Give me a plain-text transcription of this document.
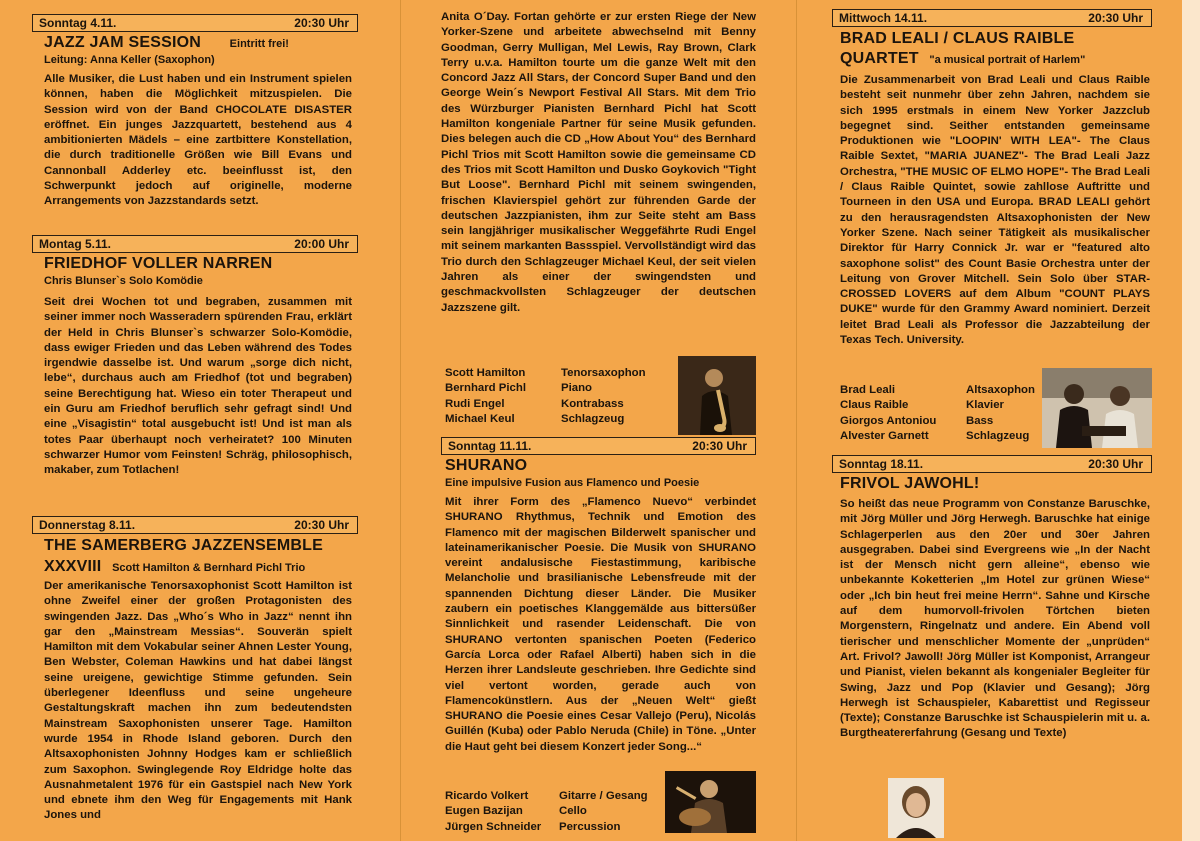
Sonntag 4.11.	20:30 Uhr
JAZZ JAM SESSION	Eintritt frei!
Leitung: Anna Keller (Saxophon)
Alle Musiker, die Lust haben und ein Instrument spielen können, haben die Möglichkeit mitzuspielen. Die Session wird von der Band CHOCOLATE DISASTER eröffnet. Ein junges Jazzquartett, bestehend aus 4 ambitionierten Mädels – eine zartbittere Konstellation, die durch traditionelle Größen wie Bill Evans und Cannonball Adderley etc. beeinflusst ist, den Schwerpunkt jedoch auf originelle, moderne Arrangements von Jazzstandards setzt.
Montag 5.11.	20:00 Uhr
FRIEDHOF VOLLER NARREN
Chris Blunser`s Solo Komödie
Seit drei Wochen tot und begraben, zusammen mit seiner immer noch Wasseradern spürenden Frau, erklärt der Held in Chris Blunser`s schwarzer Solo-Komödie, dass ewiger Frieden und das Leben während des Todes irgendwie dasselbe ist. Und warum „sorge dich nicht, lebe“, durchaus auch am Friedhof (tot und begraben) seine Berechtigung hat. Wieso ein toter Therapeut und ein Guru am Friedhof beruflich sehr gefragt sind! Und eine „Visagistin“ total ausgebucht ist! Und ist man als totes Paar überhaupt noch verheiratet? 100 Minuten schwarzer Humor vom Feinsten! Schräg, philosophisch, makaber, zum Totlachen!
Donnerstag 8.11.	20:30 Uhr
THE SAMERBERG JAZZENSEMBLE
XXXVIII Scott Hamilton & Bernhard Pichl Trio
Der amerikanische Tenorsaxophonist Scott Hamilton ist ohne Zweifel einer der großen Protagonisten des swingenden Jazz. Das „Who´s Who in Jazz“ nennt ihn gar den „Mainstream Messias“. Souverän spielt Hamilton mit dem Vokabular seiner Ahnen Lester Young, Ben Webster, Coleman Hawkins und hat dabei längst seine ureigene, gewichtige Stimme gefunden. Sein überlegener Ideenfluss und seine ungeheure Gestaltungskraft machen ihn zum bedeutendsten Mainstream Saxophonisten unserer Tage. Hamilton wurde 1954 in Rhode Island geboren. Durch den Altsaxophonisten Johnny Hodges kam er schließlich zum Saxophon. Swinglegende Roy Eldridge holte das Ausnahmetalent 1976 für ein Gastspiel nach New York und ebnete ihm den Weg für Engagements mit Hank Jones und
Anita O´Day. Fortan gehörte er zur ersten Riege der New Yorker-Szene und arbeitete abwechselnd mit Benny Goodman, Gerry Mulligan, Mel Lewis, Ray Brown, Clark Terry u.v.a. Hamilton tourte um die ganze Welt mit den Concord Jazz All Stars, der Concord Super Band und den George Wein´s Newport Festival All Stars. Mit dem Trio des Würzburger Pianisten Bernhard Pichl hat Scott Hamilton kongeniale Partner für seine Musik gefunden. Dies belegen auch die CD „How About You“ des Bernhard Pichl Trios mit Scott Hamilton sowie die gemeinsame CD des Trios mit Scott Hamilton und Dusko Goykovich "Tight But Loose". Bernhard Pichl mit seinem swingenden, frischen Klavierspiel gehört zur führenden Garde der deutschen Jazzpianisten, ihm zur Seite steht am Bass sein langjähriger musikalischer Weggefährte Rudi Engel mit seinem markanten Bassspiel. Vervollständigt wird das Trio durch den Schlagzeuger Michael Keul, der seit vielen Jahren als einer der swingendsten und geschmackvollsten Schlagzeuger der deutschen Jazzszene gilt.
Scott Hamilton	Tenorsaxophon
Bernhard Pichl	Piano
Rudi Engel	Kontrabass
Michael Keul	Schlagzeug
Sonntag 11.11.	20:30 Uhr
SHURANO
Eine impulsive Fusion aus Flamenco und Poesie
Mit ihrer Form des „Flamenco Nuevo“ verbindet SHURANO Rhythmus, Technik und Emotion des Flamenco mit der magischen Bilderwelt spanischer und lateinamerikanischer Poesie. Die Musik von SHURANO vereint andalusische Fiestastimmung, karibische Melancholie und brasilianische Lebensfreude mit der spannenden Dichtung dieser Länder. Die Musiker zaubern ein poetisches Klanggemälde aus bittersüßer Sinnlichkeit und rasender Leidenschaft. Die von SHURANO vertonten spanischen Poeten (Federico García Lorca oder Rafael Alberti) haben sich in die Herzen ihrer Landsleute geschrieben. Ihre Gedichte sind viel vertont worden, gerade auch von Flamencokünstlern. Aus der „Neuen Welt“ gießt SHURANO die Poesie eines Cesar Vallejo (Peru), Nicolás Guillén (Kuba) oder Pablo Neruda (Chile) in Töne. „Unter die Haut geht bei diesem Konzert jeder Song...“
Ricardo Volkert	Gitarre / Gesang
Eugen Bazijan	Cello
Jürgen Schneider	Percussion
Mittwoch 14.11.	20:30 Uhr
BRAD LEALI / CLAUS RAIBLE
QUARTET "a musical portrait of Harlem"
Die Zusammenarbeit von Brad Leali und Claus Raible besteht seit nunmehr über zehn Jahren, nachdem sie sich 1995 erstmals in einem New Yorker Jazzclub begegnet sind. Seither entstanden gemeinsame Produktionen wie "LOOPIN' WITH LEA"- The Claus Raible Sextet, "MARIA JUANEZ"- The Brad Leali Jazz Orchestra, "THE MUSIC OF ELMO HOPE"- The Brad Leali / Claus Raible Quintet, sowie zahllose Auftritte und Tourneen in den USA und Europa. BRAD LEALI gehört zu den herausragendsten Altsaxophonisten der New Yorker Szene. Nach seiner Tätigkeit als musikalischer Direktor für Harry Connick Jr. war er "featured alto saxophone solist" des Count Basie Orchestra unter der Leitung von Grover Mitchell. Sein Solo über STAR-CROSSED LOVERS auf dem Album "COUNT PLAYS DUKE" wurde für den Grammy Award nominiert. Derzeit leitet Brad Leali als Professor die Jazzabteilung der Texas Tech. University.
Brad Leali	Altsaxophon
Claus Raible	Klavier
Giorgos Antoniou	Bass
Alvester Garnett	Schlagzeug
Sonntag 18.11.	20:30 Uhr
FRIVOL JAWOHL!
So heißt das neue Programm von Constanze Baruschke, mit Jörg Müller und Jörg Herwegh. Baruschke hat einige Schlagerperlen aus den 20er und 30er Jahren ausgegraben. Dabei sind Evergreens wie „In der Nacht ist der Mensch nicht gern alleine“, ebenso wie unbekannte Koketterien „Im Hotel zur grünen Wiese“ oder „Ich bin heut frei meine Herrn“. Sahne und Kirsche auf dem humorvoll-frivolen Törtchen bieten Morgenstern, Ringelnatz und andere. Ein Abend voll tierischer und menschlicher Momente der „unprüden“ Art. Frivol? Jawoll! Jörg Müller ist Komponist, Arrangeur und Pianist, vielen bekannt als kongenialer Begleiter für Swing, Jazz und Pop (Klavier und Gesang); Jörg Herwegh ist Schauspieler, Kabarettist und Regisseur (Texte); Constanze Baruschke ist Schauspielerin mit u. a. Burgtheatererfahrung (Gesang und Texte)
